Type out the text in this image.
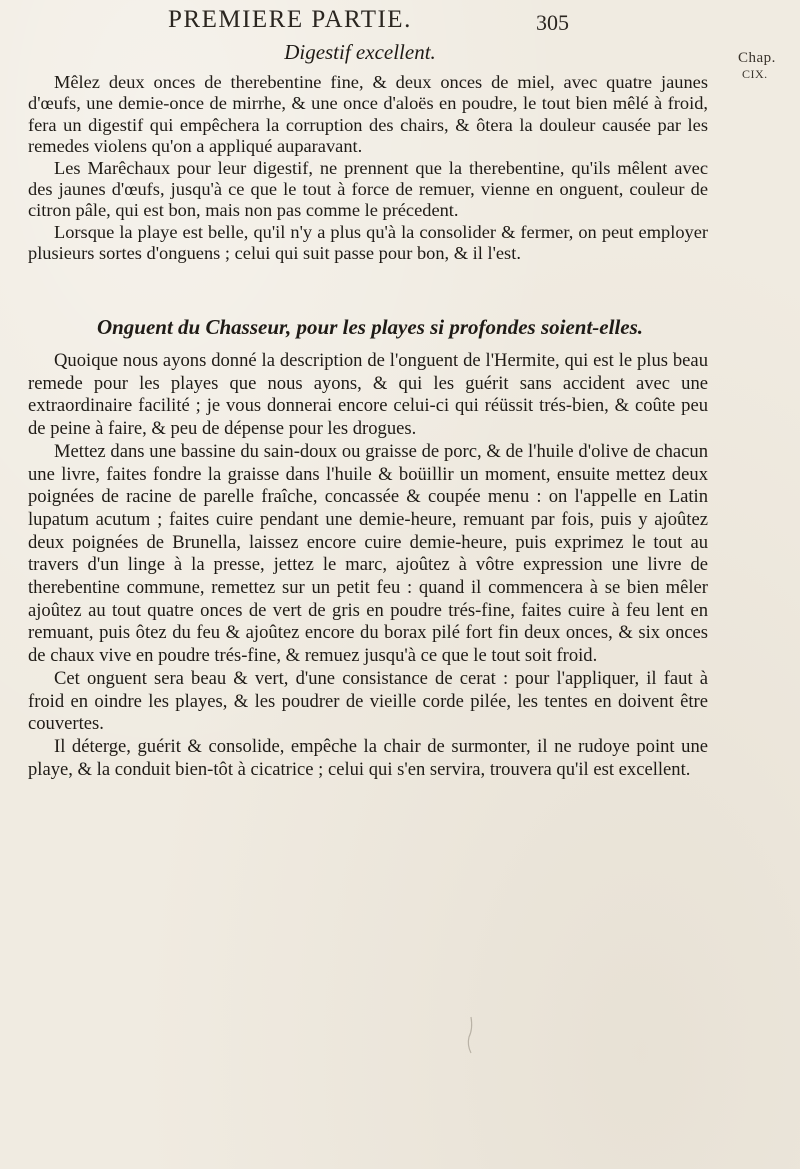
PREMIERE PARTIE.	305
Chap.
CIX.
Digestif excellent.

Mêlez deux onces de therebentine fine, & deux onces de miel, avec quatre jaunes d'œufs, une demie-once de mirrhe, & une once d'aloës en poudre, le tout bien mêlé à froid, fera un digestif qui empêchera la corruption des chairs, & ôtera la douleur causée par les remedes violens qu'on a appliqué auparavant.

Les Marêchaux pour leur digestif, ne prennent que la therebentine, qu'ils mêlent avec des jaunes d'œufs, jusqu'à ce que le tout à force de remuer, vienne en onguent, couleur de citron pâle, qui est bon, mais non pas comme le précedent.

Lorsque la playe est belle, qu'il n'y a plus qu'à la consolider & fermer, on peut employer plusieurs sortes d'onguens ; celui qui suit passe pour bon, & il l'est.

Onguent du Chasseur, pour les playes si profondes soient-elles.

Quoique nous ayons donné la description de l'onguent de l'Hermite, qui est le plus beau remede pour les playes que nous ayons, & qui les guérit sans accident avec une extraordinaire facilité ; je vous donnerai encore celui-ci qui réüssit trés-bien, & coûte peu de peine à faire, & peu de dépense pour les drogues.

Mettez dans une bassine du sain-doux ou graisse de porc, & de l'huile d'olive de chacun une livre, faites fondre la graisse dans l'huile & boüillir un moment, ensuite mettez deux poignées de racine de parelle fraîche, concassée & coupée menu : on l'appelle en Latin lupatum acutum ; faites cuire pendant une demie-heure, remuant par fois, puis y ajoûtez deux poignées de Brunella, laissez encore cuire demie-heure, puis exprimez le tout au travers d'un linge à la presse, jettez le marc, ajoûtez à vôtre expression une livre de therebentine commune, remettez sur un petit feu : quand il commencera à se bien mêler ajoûtez au tout quatre onces de vert de gris en poudre trés-fine, faites cuire à feu lent en remuant, puis ôtez du feu & ajoûtez encore du borax pilé fort fin deux onces, & six onces de chaux vive en poudre trés-fine, & remuez jusqu'à ce que le tout soit froid.

Cet onguent sera beau & vert, d'une consistance de cerat : pour l'appliquer, il faut à froid en oindre les playes, & les poudrer de vieille corde pilée, les tentes en doivent être couvertes.

Il déterge, guérit & consolide, empêche la chair de surmonter, il ne rudoye point une playe, & la conduit bien-tôt à cicatrice ; celui qui s'en servira, trouvera qu'il est excellent.
